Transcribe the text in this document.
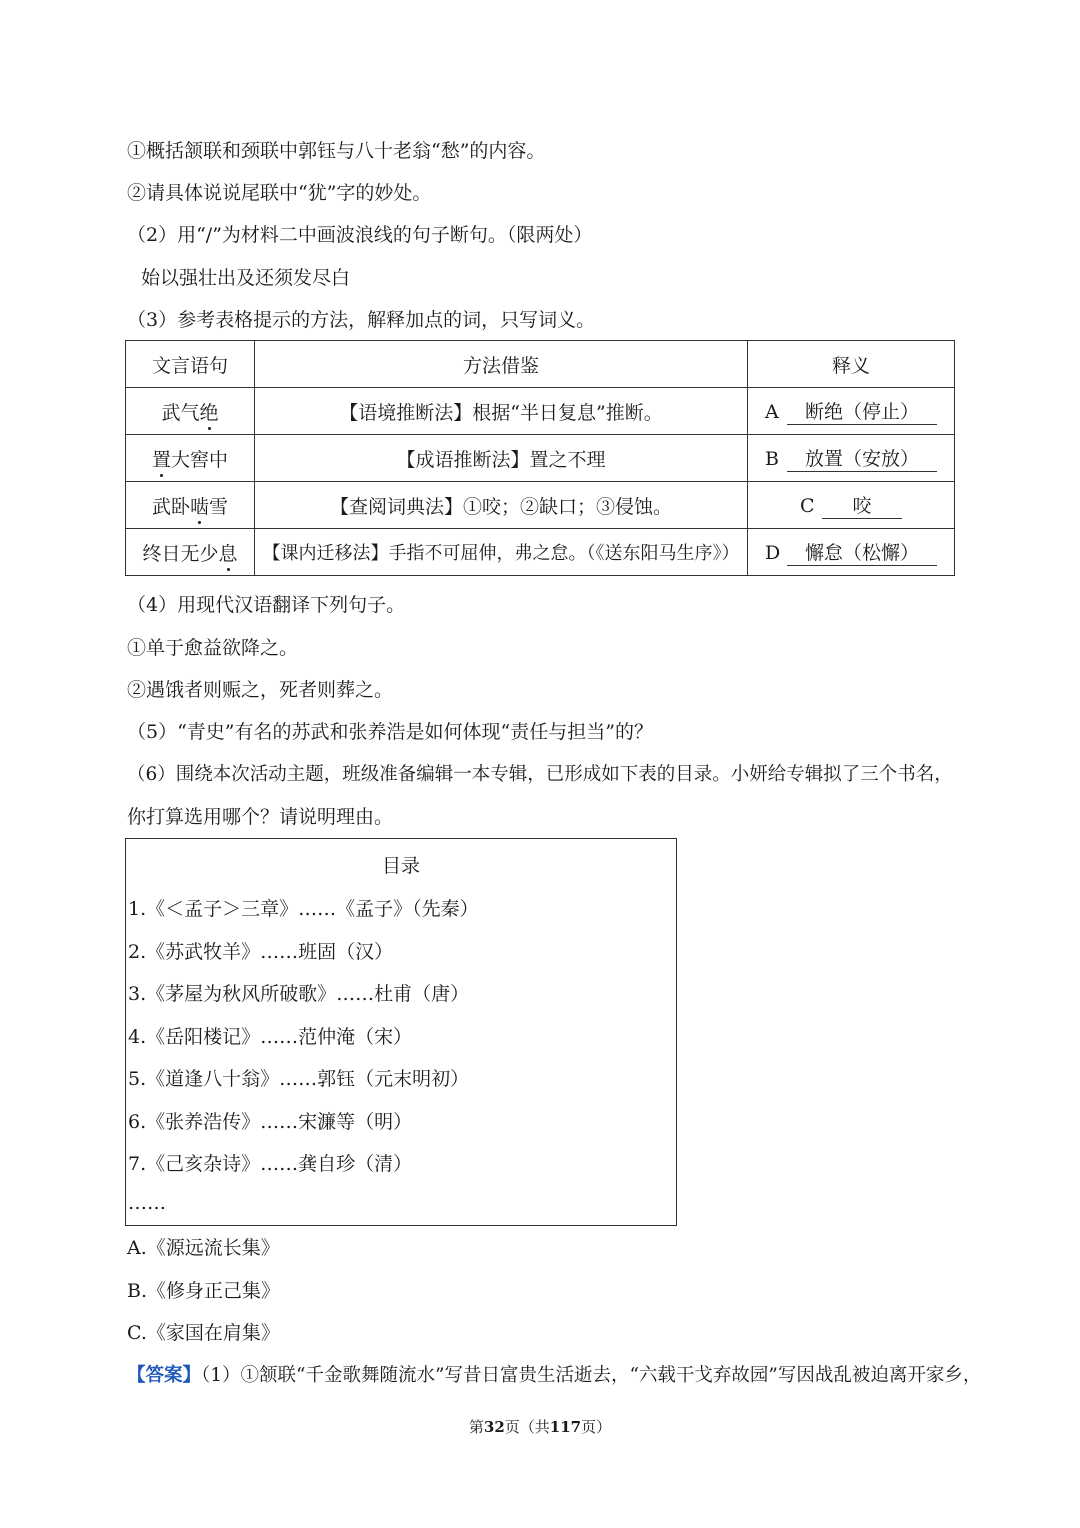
①概括颔联和颈联中郭钰与八十老翁“愁”的内容。
②请具体说说尾联中“犹”字的妙处。
（2）用“/”为材料二中画波浪线的句子断句。（限两处）
始以强壮出及还须发尽白
（3）参考表格提示的方法，解释加点的词，只写词义。
文言语句	方法借鉴	释义
武气绝	【语境推断法】根据“半日复息”推断。	A 断绝（停止）
置大窖中	【成语推断法】置之不理	B 放置（安放）
武卧啮雪	【查阅词典法】①咬；②缺口；③侵蚀。	C 咬
终日无少息	【课内迁移法】手指不可屈伸，弗之怠。（《送东阳马生序》）	D 懈怠（松懈）
（4）用现代汉语翻译下列句子。
①单于愈益欲降之。
②遇饿者则赈之，死者则葬之。
（5）“青史”有名的苏武和张养浩是如何体现“责任与担当”的？
（6）围绕本次活动主题，班级准备编辑一本专辑，已形成如下表的目录。小妍给专辑拟了三个书名，
你打算选用哪个？请说明理由。
目录
1.《＜孟子＞三章》……《孟子》（先秦）
2.《苏武牧羊》……班固（汉）
3.《茅屋为秋风所破歌》……杜甫（唐）
4.《岳阳楼记》……范仲淹（宋）
5.《道逢八十翁》……郭钰（元末明初）
6.《张养浩传》……宋濂等（明）
7.《己亥杂诗》……龚自珍（清）
……
A.《源远流长集》
B.《修身正己集》
C.《家国在肩集》
【答案】（1）①颔联“千金歌舞随流水”写昔日富贵生活逝去，“六载干戈弃故园”写因战乱被迫离开家乡，
第32页（共117页）
